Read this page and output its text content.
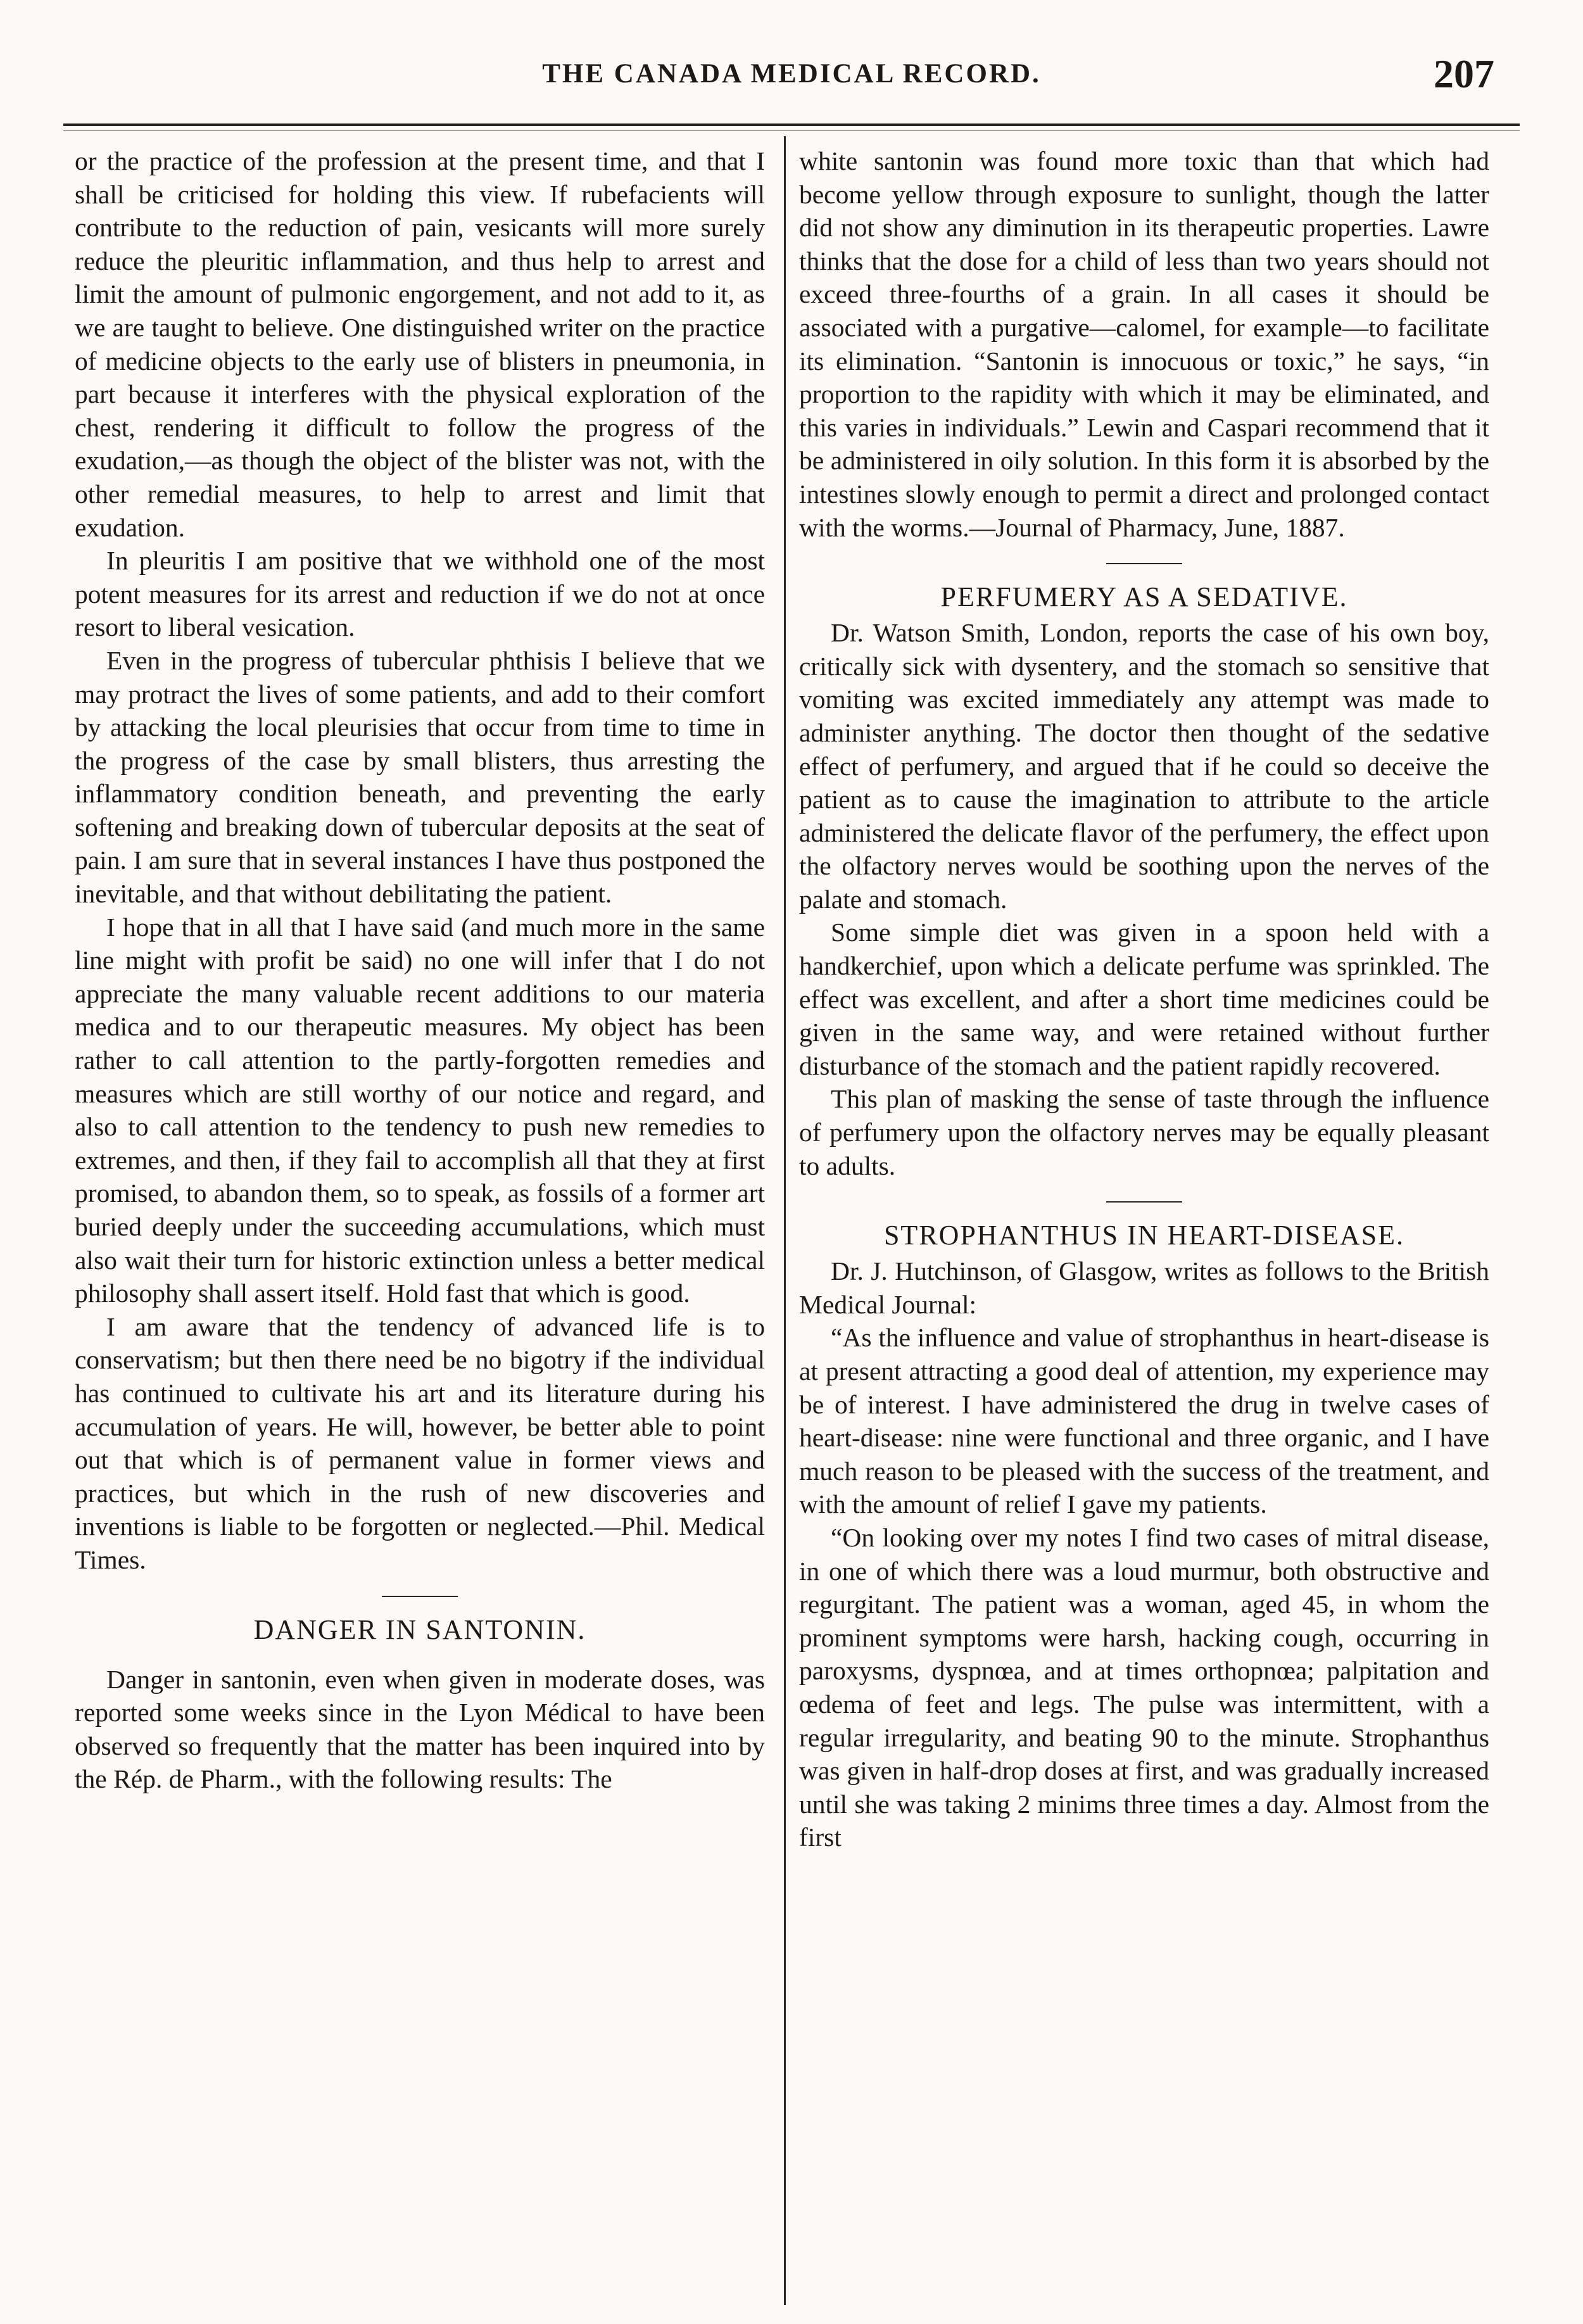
THE CANADA MEDICAL RECORD.	207

or the practice of the profession at the present time, and that I shall be criticised for holding this view. If rubefacients will contribute to the reduction of pain, vesicants will more surely reduce the pleuritic inflammation, and thus help to arrest and limit the amount of pulmonic engorgement, and not add to it, as we are taught to believe. One distinguished writer on the practice of medicine objects to the early use of blisters in pneumonia, in part because it interferes with the physical exploration of the chest, rendering it difficult to follow the progress of the exudation,—as though the object of the blister was not, with the other remedial measures, to help to arrest and limit that exudation.

In pleuritis I am positive that we withhold one of the most potent measures for its arrest and reduction if we do not at once resort to liberal vesication.

Even in the progress of tubercular phthisis I believe that we may protract the lives of some patients, and add to their comfort by attacking the local pleurisies that occur from time to time in the progress of the case by small blisters, thus arresting the inflammatory condition beneath, and preventing the early softening and breaking down of tubercular deposits at the seat of pain. I am sure that in several instances I have thus postponed the inevitable, and that without debilitating the patient.

I hope that in all that I have said (and much more in the same line might with profit be said) no one will infer that I do not appreciate the many valuable recent additions to our materia medica and to our therapeutic measures. My object has been rather to call attention to the partly-forgotten remedies and measures which are still worthy of our notice and regard, and also to call attention to the tendency to push new remedies to extremes, and then, if they fail to accomplish all that they at first promised, to abandon them, so to speak, as fossils of a former art buried deeply under the succeeding accumulations, which must also wait their turn for historic extinction unless a better medical philosophy shall assert itself. Hold fast that which is good.

I am aware that the tendency of advanced life is to conservatism; but then there need be no bigotry if the individual has continued to cultivate his art and its literature during his accumulation of years. He will, however, be better able to point out that which is of permanent value in former views and practices, but which in the rush of new discoveries and inventions is liable to be forgotten or neglected.—Phil. Medical Times.

DANGER IN SANTONIN.

Danger in santonin, even when given in moderate doses, was reported some weeks since in the Lyon Médical to have been observed so frequently that the matter has been inquired into by the Rép. de Pharm., with the following results: The

white santonin was found more toxic than that which had become yellow through exposure to sunlight, though the latter did not show any diminution in its therapeutic properties. Lawre thinks that the dose for a child of less than two years should not exceed three-fourths of a grain. In all cases it should be associated with a purgative—calomel, for example—to facilitate its elimination. “Santonin is innocuous or toxic,” he says, “in proportion to the rapidity with which it may be eliminated, and this varies in individuals.” Lewin and Caspari recommend that it be administered in oily solution. In this form it is absorbed by the intestines slowly enough to permit a direct and prolonged contact with the worms.—Journal of Pharmacy, June, 1887.

PERFUMERY AS A SEDATIVE.

Dr. Watson Smith, London, reports the case of his own boy, critically sick with dysentery, and the stomach so sensitive that vomiting was excited immediately any attempt was made to administer anything. The doctor then thought of the sedative effect of perfumery, and argued that if he could so deceive the patient as to cause the imagination to attribute to the article administered the delicate flavor of the perfumery, the effect upon the olfactory nerves would be soothing upon the nerves of the palate and stomach.

Some simple diet was given in a spoon held with a handkerchief, upon which a delicate perfume was sprinkled. The effect was excellent, and after a short time medicines could be given in the same way, and were retained without further disturbance of the stomach and the patient rapidly recovered.

This plan of masking the sense of taste through the influence of perfumery upon the olfactory nerves may be equally pleasant to adults.

STROPHANTHUS IN HEART-DISEASE.

Dr. J. Hutchinson, of Glasgow, writes as follows to the British Medical Journal:

“As the influence and value of strophanthus in heart-disease is at present attracting a good deal of attention, my experience may be of interest. I have administered the drug in twelve cases of heart-disease: nine were functional and three organic, and I have much reason to be pleased with the success of the treatment, and with the amount of relief I gave my patients.

“On looking over my notes I find two cases of mitral disease, in one of which there was a loud murmur, both obstructive and regurgitant. The patient was a woman, aged 45, in whom the prominent symptoms were harsh, hacking cough, occurring in paroxysms, dyspnœa, and at times orthopnœa; palpitation and œdema of feet and legs. The pulse was intermittent, with a regular irregularity, and beating 90 to the minute. Strophanthus was given in half-drop doses at first, and was gradually increased until she was taking 2 minims three times a day. Almost from the first
